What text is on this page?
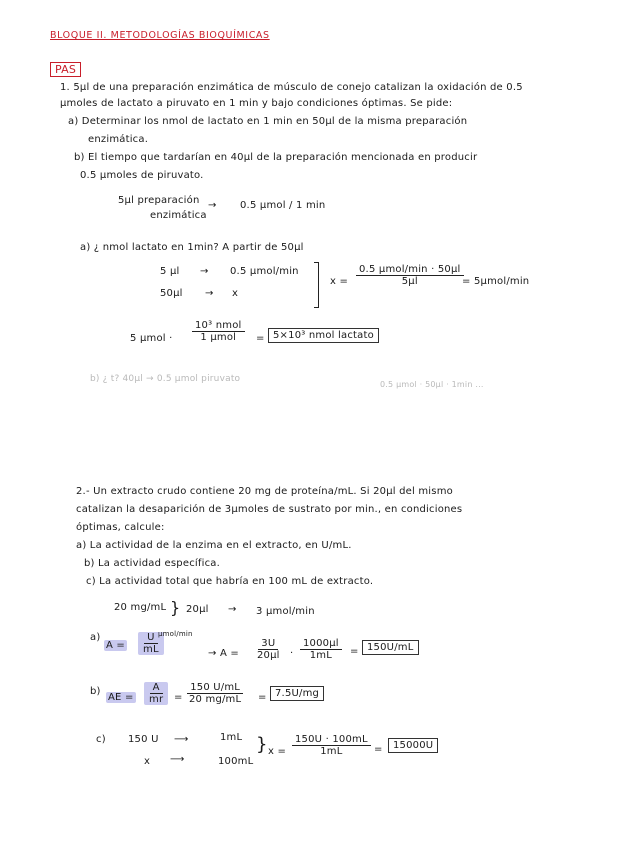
BLOQUE II. METODOLOGÍAS BIOQUÍMICAS
PAS
1. 5µl de una preparación enzimática de músculo de conejo catalizan la oxidación de 0.5
µmoles de lactato a piruvato en 1 min y bajo condiciones óptimas. Se pide:
a) Determinar los nmol de lactato en 1 min en 50µl de la misma preparación
enzimática.
b) El tiempo que tardarían en 40µl de la preparación mencionada en producir
0.5 µmoles de piruvato.
5µl preparación
enzimática
→ 0.5 µmol / 1 min
a) ¿ nmol lactato en 1min? A partir de 50µl
5 µl → 0.5 µmol/min
50µl → x
$x = \frac{\text{0.5 µmol/min · 50µl}}{\text{5µl}}$
= 5µmol/min
5 $\mu mol \cdot \frac{\text{10³ nmol}}{\text{1 µmol}} = 5\times 10^3$ nmol lactato
b) ¿ t? 40µl → 0.5 µmol piruvato
0.5 µmol · 50µl · 1min ...
2.- Un extracto crudo contiene 20 mg de proteína/mL. Si 20µl del mismo
catalizan la desaparición de 3µmoles de sustrato por min., en condiciones
óptimas, calcule:
a) La actividad de la enzima en el extracto, en U/mL.
b) La actividad específica.
c) La actividad total que habría en 100 mL de extracto.
20 mg/mL } 20µl → 3 µmol/min
a)
$A = \frac{U}{mL}$
µmol/min
→ $A = \frac{3U}{\text{20µl}} \cdot \frac{\text{1000µl}}{1mL} = 150U/mL$
b)
AE = $\frac{A}{mr} = \frac{150 U/mL}{20 mg/mL} = 7.5U/mg$
c) 150 U ⟶	1mL
x ⟶	100mL
} $x = \frac{150U \cdot 100mL}{1mL}$ =	15000U
